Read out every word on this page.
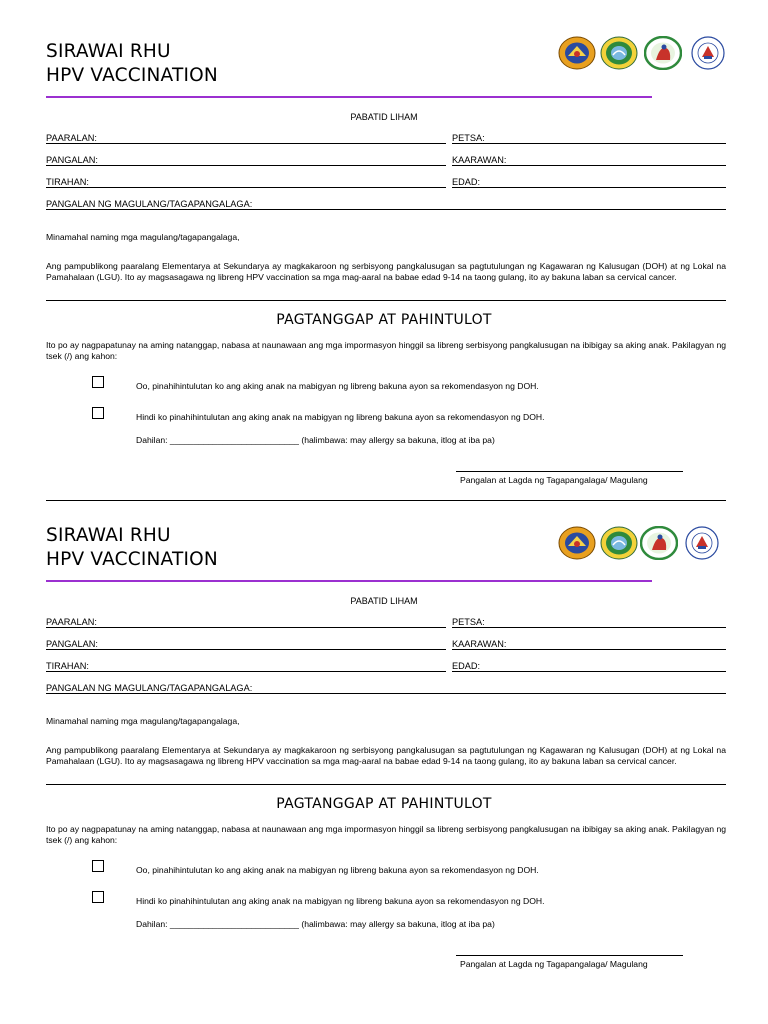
SIRAWAI RHU
HPV VACCINATION
PABATID LIHAM
PAARALAN:	PETSA:
PANGALAN:	KAARAWAN:
TIRAHAN:	EDAD:
PANGALAN NG MAGULANG/TAGAPANGALAGA:
Minamahal naming mga magulang/tagapangalaga,

Ang pampublikong paaralang Elementarya at Sekundarya ay magkakaroon ng serbisyong pangkalusugan sa pagtutulungan ng Kagawaran ng Kalusugan (DOH) at ng Lokal na Pamahalaan (LGU). Ito ay magsasagawa ng libreng HPV vaccination sa mga mag-aaral na babae edad 9-14 na taong gulang, ito ay bakuna laban sa cervical cancer.

PAGTANGGAP AT PAHINTULOT

Ito po ay nagpapatunay na aming natanggap, nabasa at naunawaan ang mga impormasyon hinggil sa libreng serbisyong pangkalusugan na ibibigay sa aking anak. Pakilagyan ng tsek (/) ang kahon:

Oo, pinahihintulutan ko ang aking anak na mabigyan ng libreng bakuna ayon sa rekomendasyon ng DOH.
Hindi ko pinahihintulutan ang aking anak na mabigyan ng libreng bakuna ayon sa rekomendasyon ng DOH.
Dahilan: ___________________________ (halimbawa: may allergy sa bakuna, itlog at iba pa)
Pangalan at Lagda ng Tagapangalaga/ Magulang
SIRAWAI RHU
HPV VACCINATION
PABATID LIHAM
PAARALAN:	PETSA:
PANGALAN:	KAARAWAN:
TIRAHAN:	EDAD:
PANGALAN NG MAGULANG/TAGAPANGALAGA:
Minamahal naming mga magulang/tagapangalaga,

Ang pampublikong paaralang Elementarya at Sekundarya ay magkakaroon ng serbisyong pangkalusugan sa pagtutulungan ng Kagawaran ng Kalusugan (DOH) at ng Lokal na Pamahalaan (LGU). Ito ay magsasagawa ng libreng HPV vaccination sa mga mag-aaral na babae edad 9-14 na taong gulang, ito ay bakuna laban sa cervical cancer.

PAGTANGGAP AT PAHINTULOT

Ito po ay nagpapatunay na aming natanggap, nabasa at naunawaan ang mga impormasyon hinggil sa libreng serbisyong pangkalusugan na ibibigay sa aking anak. Pakilagyan ng tsek (/) ang kahon:

Oo, pinahihintulutan ko ang aking anak na mabigyan ng libreng bakuna ayon sa rekomendasyon ng DOH.
Hindi ko pinahihintulutan ang aking anak na mabigyan ng libreng bakuna ayon sa rekomendasyon ng DOH.
Dahilan: ___________________________ (halimbawa: may allergy sa bakuna, itlog at iba pa)
Pangalan at Lagda ng Tagapangalaga/ Magulang
